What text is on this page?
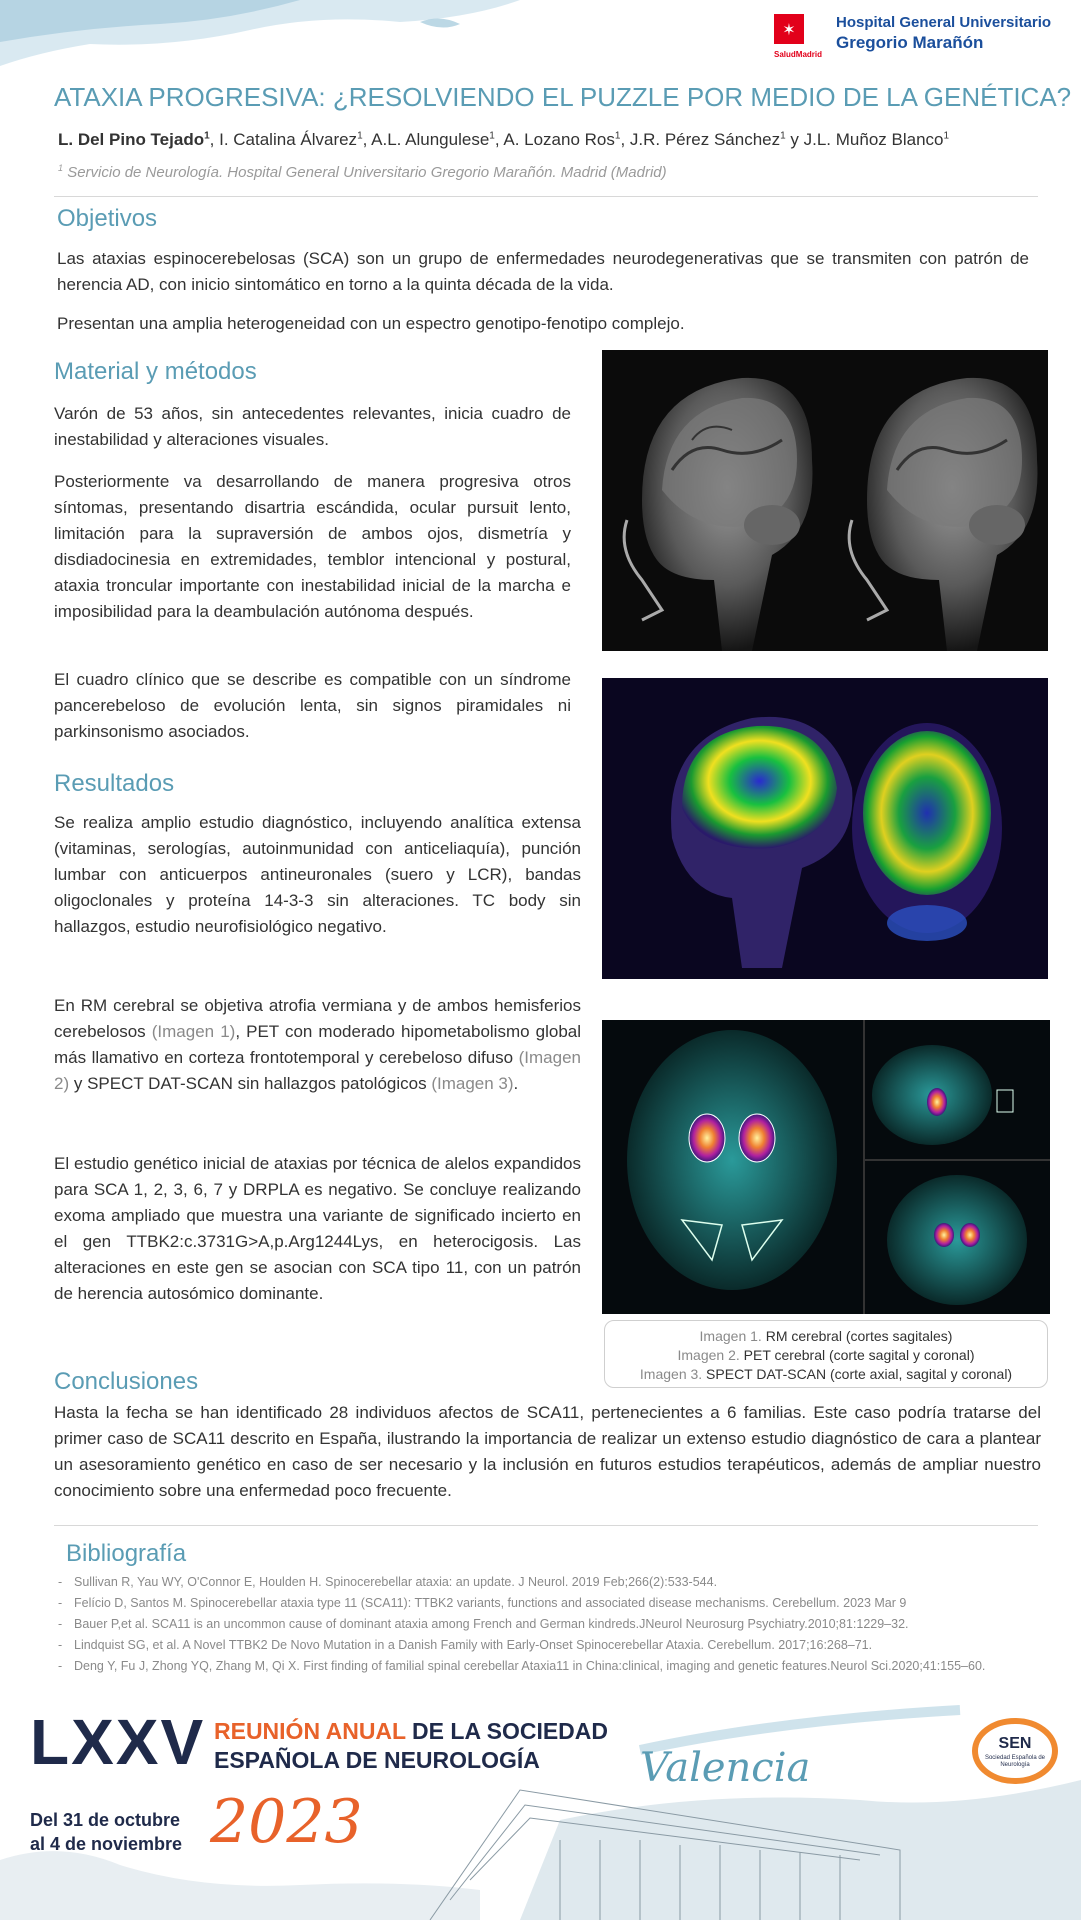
✶
SaludMadrid
Hospital General Universitario
Gregorio Marañón
ATAXIA PROGRESIVA: ¿RESOLVIENDO EL PUZZLE POR MEDIO DE LA GENÉTICA?
L. Del Pino Tejado$^1$, I. Catalina Álvarez$^1$, A.L. Alungulese$^1$, A. Lozano Ros$^1$, J.R. Pérez Sánchez$^1$ y J.L. Muñoz Blanco$^1$
$^1$ Servicio de Neurología. Hospital General Universitario Gregorio Marañón. Madrid (Madrid)
Objetivos

Las ataxias espinocerebelosas (SCA) son un grupo de enfermedades neurodegenerativas que se transmiten con patrón de herencia AD, con inicio sintomático en torno a la quinta década de la vida.

Presentan una amplia heterogeneidad con un espectro genotipo-fenotipo complejo.

Material y métodos

Varón de 53 años, sin antecedentes relevantes, inicia cuadro de inestabilidad y alteraciones visuales.

Posteriormente va desarrollando de manera progresiva otros síntomas, presentando disartria escándida, ocular pursuit lento, limitación para la supraversión de ambos ojos, dismetría y disdiadocinesia en extremidades, temblor intencional y postural, ataxia troncular importante con inestabilidad inicial de la marcha e imposibilidad para la deambulación autónoma después.

El cuadro clínico que se describe es compatible con un síndrome pancerebeloso de evolución lenta, sin signos piramidales ni parkinsonismo asociados.

Resultados

Se realiza amplio estudio diagnóstico, incluyendo analítica extensa (vitaminas, serologías, autoinmunidad con anticeliaquía), punción lumbar con anticuerpos antineuronales (suero y LCR), bandas oligoclonales y proteína 14-3-3 sin alteraciones. TC body sin hallazgos, estudio neurofisiológico negativo.

En RM cerebral se objetiva atrofia vermiana y de ambos hemisferios cerebelosos (Imagen 1), PET con moderado hipometabolismo global más llamativo en corteza frontotemporal y cerebeloso difuso (Imagen 2) y SPECT DAT-SCAN sin hallazgos patológicos (Imagen 3).

El estudio genético inicial de ataxias por técnica de alelos expandidos para SCA 1, 2, 3, 6, 7 y DRPLA es negativo. Se concluye realizando exoma ampliado que muestra una variante de significado incierto en el gen TTBK2:c.3731G>A,p.Arg1244Lys, en heterocigosis. Las alteraciones en este gen se asocian con SCA tipo 11, con un patrón de herencia autosómico dominante.

Imagen 1. RM cerebral (cortes sagitales)
Imagen 2. PET cerebral (corte sagital y coronal)
Imagen 3. SPECT DAT-SCAN (corte axial, sagital y coronal)
Conclusiones

Hasta la fecha se han identificado 28 individuos afectos de SCA11, pertenecientes a 6 familias. Este caso podría tratarse del primer caso de SCA11 descrito en España, ilustrando la importancia de realizar un extenso estudio diagnóstico de cara a plantear un asesoramiento genético en caso de ser necesario y la inclusión en futuros estudios terapéuticos, además de ampliar nuestro conocimiento sobre una enfermedad poco frecuente.

Bibliografía
- Sullivan R, Yau WY, O'Connor E, Houlden H. Spinocerebellar ataxia: an update. J Neurol. 2019 Feb;266(2):533-544.
- Felício D, Santos M. Spinocerebellar ataxia type 11 (SCA11): TTBK2 variants, functions and associated disease mechanisms. Cerebellum. 2023 Mar 9
- Bauer P,et al. SCA11 is an uncommon cause of dominant ataxia among French and German kindreds.JNeurol Neurosurg Psychiatry.2010;81:1229–32.
- Lindquist SG, et al. A Novel TTBK2 De Novo Mutation in a Danish Family with Early-Onset Spinocerebellar Ataxia. Cerebellum. 2017;16:268–71.
- Deng Y, Fu J, Zhong YQ, Zhang M, Qi X. First finding of familial spinal cerebellar Ataxia11 in China:clinical, imaging and genetic features.Neurol Sci.2020;41:155–60.
LXXV REUNIÓN ANUAL DE LA SOCIEDAD
ESPAÑOLA DE NEUROLOGÍA
Del 31 de octubre
al 4 de noviembre 2023
Valencia
SEN
Sociedad Española de Neurología
